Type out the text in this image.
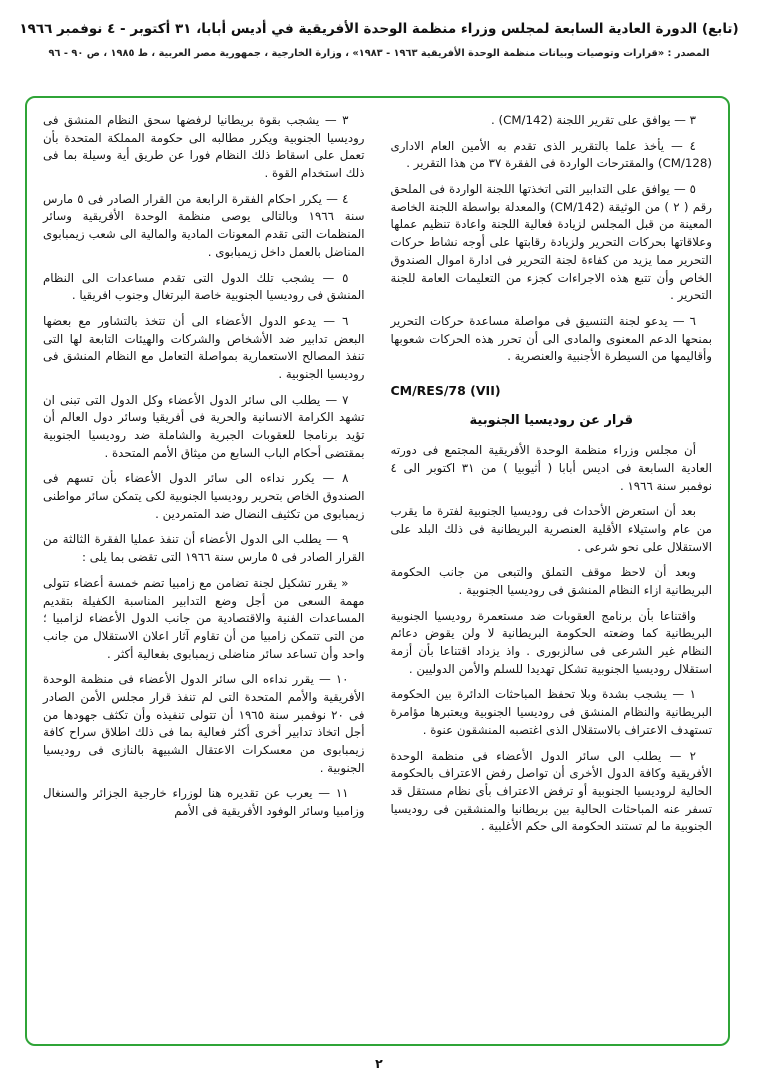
(تابع) الدورة العادية السابعة لمجلس وزراء منظمة الوحدة الأفريقية في أديس أبابا، ٣١ أكتوبر - ٤ نوفمبر ١٩٦٦
المصدر : «قرارات وتوصيات وبيانات منظمة الوحدة الأفريقية ١٩٦٣ - ١٩٨٣» ، وزارة الخارجية ، جمهورية مصر العربية ، ط ١٩٨٥ ، ص ٩٠ - ٩٦

٣ — يوافق على تقرير اللجنة (CM/142) .

٤ — يأخذ علما بالتقرير الذى تقدم به الأمين العام الادارى (CM/128) والمقترحات الواردة فى الفقرة ٣٧ من هذا التقرير .

٥ — يوافق على التدابير التى اتخذتها اللجنة الواردة فى الملحق رقم ( ٢ ) من الوثيقة (CM/142) والمعدلة بواسطة اللجنة الخاصة المعينة من قبل المجلس لزيادة فعالية اللجنة واعادة تنظيم عملها وعلاقاتها بحركات التحرير ولزيادة رقابتها على أوجه نشاط حركات التحرير مما يزيد من كفاءة لجنة التحرير فى ادارة اموال الصندوق الخاص وأن تتبع هذه الاجراءات كجزء من التعليمات العامة للجنة التحرير .

٦ — يدعو لجنة التنسيق فى مواصلة مساعدة حركات التحرير بمنحها الدعم المعنوى والمادى الى أن تحرر هذه الحركات شعوبها وأقاليمها من السيطرة الأجنبية والعنصرية .

CM/RES/78 (VII)

قرار عن روديسيا الجنوبية

أن مجلس وزراء منظمة الوحدة الأفريقية المجتمع فى دورته العادية السابعة فى اديس أبابا ( أثيوبيا ) من ٣١ اكتوبر الى ٤ نوفمبر سنة ١٩٦٦ .

بعد أن استعرض الأحداث فى روديسيا الجنوبية لفترة ما يقرب من عام واستيلاء الأقلية العنصرية البريطانية فى ذلك البلد على الاستقلال على نحو شرعى .

وبعد أن لاحظ موقف التملق والتبعى من جانب الحكومة البريطانية ازاء النظام المنشق فى روديسيا الجنوبية .

واقتناعا بأن برنامج العقوبات ضد مستعمرة روديسيا الجنوبية البريطانية كما وضعته الحكومة البريطانية لا ولن يقوض دعائم النظام غير الشرعى فى سالزبورى . واذ يزداد اقتناعا بأن أزمة استقلال روديسيا الجنوبية تشكل تهديدا للسلم والأمن الدوليين .

١ — يشجب بشدة وبلا تحفظ المباحثات الدائرة بين الحكومة البريطانية والنظام المنشق فى روديسيا الجنوبية ويعتبرها مؤامرة تستهدف الاعتراف بالاستقلال الذى اغتصبه المنشقون عنوة .

٢ — يطلب الى سائر الدول الأعضاء فى منظمة الوحدة الأفريقية وكافة الدول الأخرى أن تواصل رفض الاعتراف بالحكومة الحالية لروديسيا الجنوبية أو ترفض الاعتراف بأى نظام مستقل قد تسفر عنه المباحثات الحالية بين بريطانيا والمنشقين فى روديسيا الجنوبية ما لم تستند الحكومة الى حكم الأغلبية .

٣ — يشجب بقوة بريطانيا لرفضها سحق النظام المنشق فى روديسيا الجنوبية ويكرر مطالبه الى حكومة المملكة المتحدة بأن تعمل على اسقاط ذلك النظام فورا عن طريق أية وسيلة بما فى ذلك استخدام القوة .

٤ — يكرر احكام الفقرة الرابعة من القرار الصادر فى ٥ مارس سنة ١٩٦٦ وبالتالى يوصى منظمة الوحدة الأفريقية وسائر المنظمات التى تقدم المعونات المادية والمالية الى شعب زيمبابوى المناضل بالعمل داخل زيمبابوى .

٥ — يشجب تلك الدول التى تقدم مساعدات الى النظام المنشق فى روديسيا الجنوبية خاصة البرتغال وجنوب افريقيا .

٦ — يدعو الدول الأعضاء الى أن تتخذ بالتشاور مع بعضها البعض تدابير ضد الأشخاص والشركات والهيئات التابعة لها التى تنفذ المصالح الاستعمارية بمواصلة التعامل مع النظام المنشق فى روديسيا الجنوبية .

٧ — يطلب الى سائر الدول الأعضاء وكل الدول التى تبنى ان تشهد الكرامة الانسانية والحرية فى أفريقيا وسائر دول العالم أن تؤيد برنامجا للعقوبات الجبرية والشاملة ضد روديسيا الجنوبية بمقتضى أحكام الباب السابع من ميثاق الأمم المتحدة .

٨ — يكرر نداءه الى سائر الدول الأعضاء بأن تسهم فى الصندوق الخاص بتحرير روديسيا الجنوبية لكى يتمكن سائر مواطنى زيمبابوى من تكثيف النضال ضد المتمردين .

٩ — يطلب الى الدول الأعضاء أن تنفذ عمليا الفقرة الثالثة من القرار الصادر فى ٥ مارس سنة ١٩٦٦ التى تقضى بما يلى :

« يقرر تشكيل لجنة تضامن مع زامبيا تضم خمسة أعضاء تتولى مهمة السعى من أجل وضع التدابير المناسبة الكفيلة بتقديم المساعدات الفنية والاقتصادية من جانب الدول الأعضاء لزامبيا ؛ من التى تتمكن زامبيا من أن تقاوم آثار اعلان الاستقلال من جانب واحد وأن تساعد سائر مناضلى زيمبابوى بفعالية أكثر .

١٠ — يقرر نداءه الى سائر الدول الأعضاء فى منظمة الوحدة الأفريقية والأمم المتحدة التى لم تنفذ قرار مجلس الأمن الصادر فى ٢٠ نوفمبر سنة ١٩٦٥ أن تتولى تنفيذه وأن تكثف جهودها من أجل اتخاذ تدابير أخرى أكثر فعالية بما فى ذلك اطلاق سراح كافة زيمبابوى من معسكرات الاعتقال الشبيهة بالنازى فى روديسيا الجنوبية .

١١ — يعرب عن تقديره هنا لوزراء خارجية الجزائر والسنغال وزامبيا وسائر الوفود الأفريقية فى الأمم

٢
